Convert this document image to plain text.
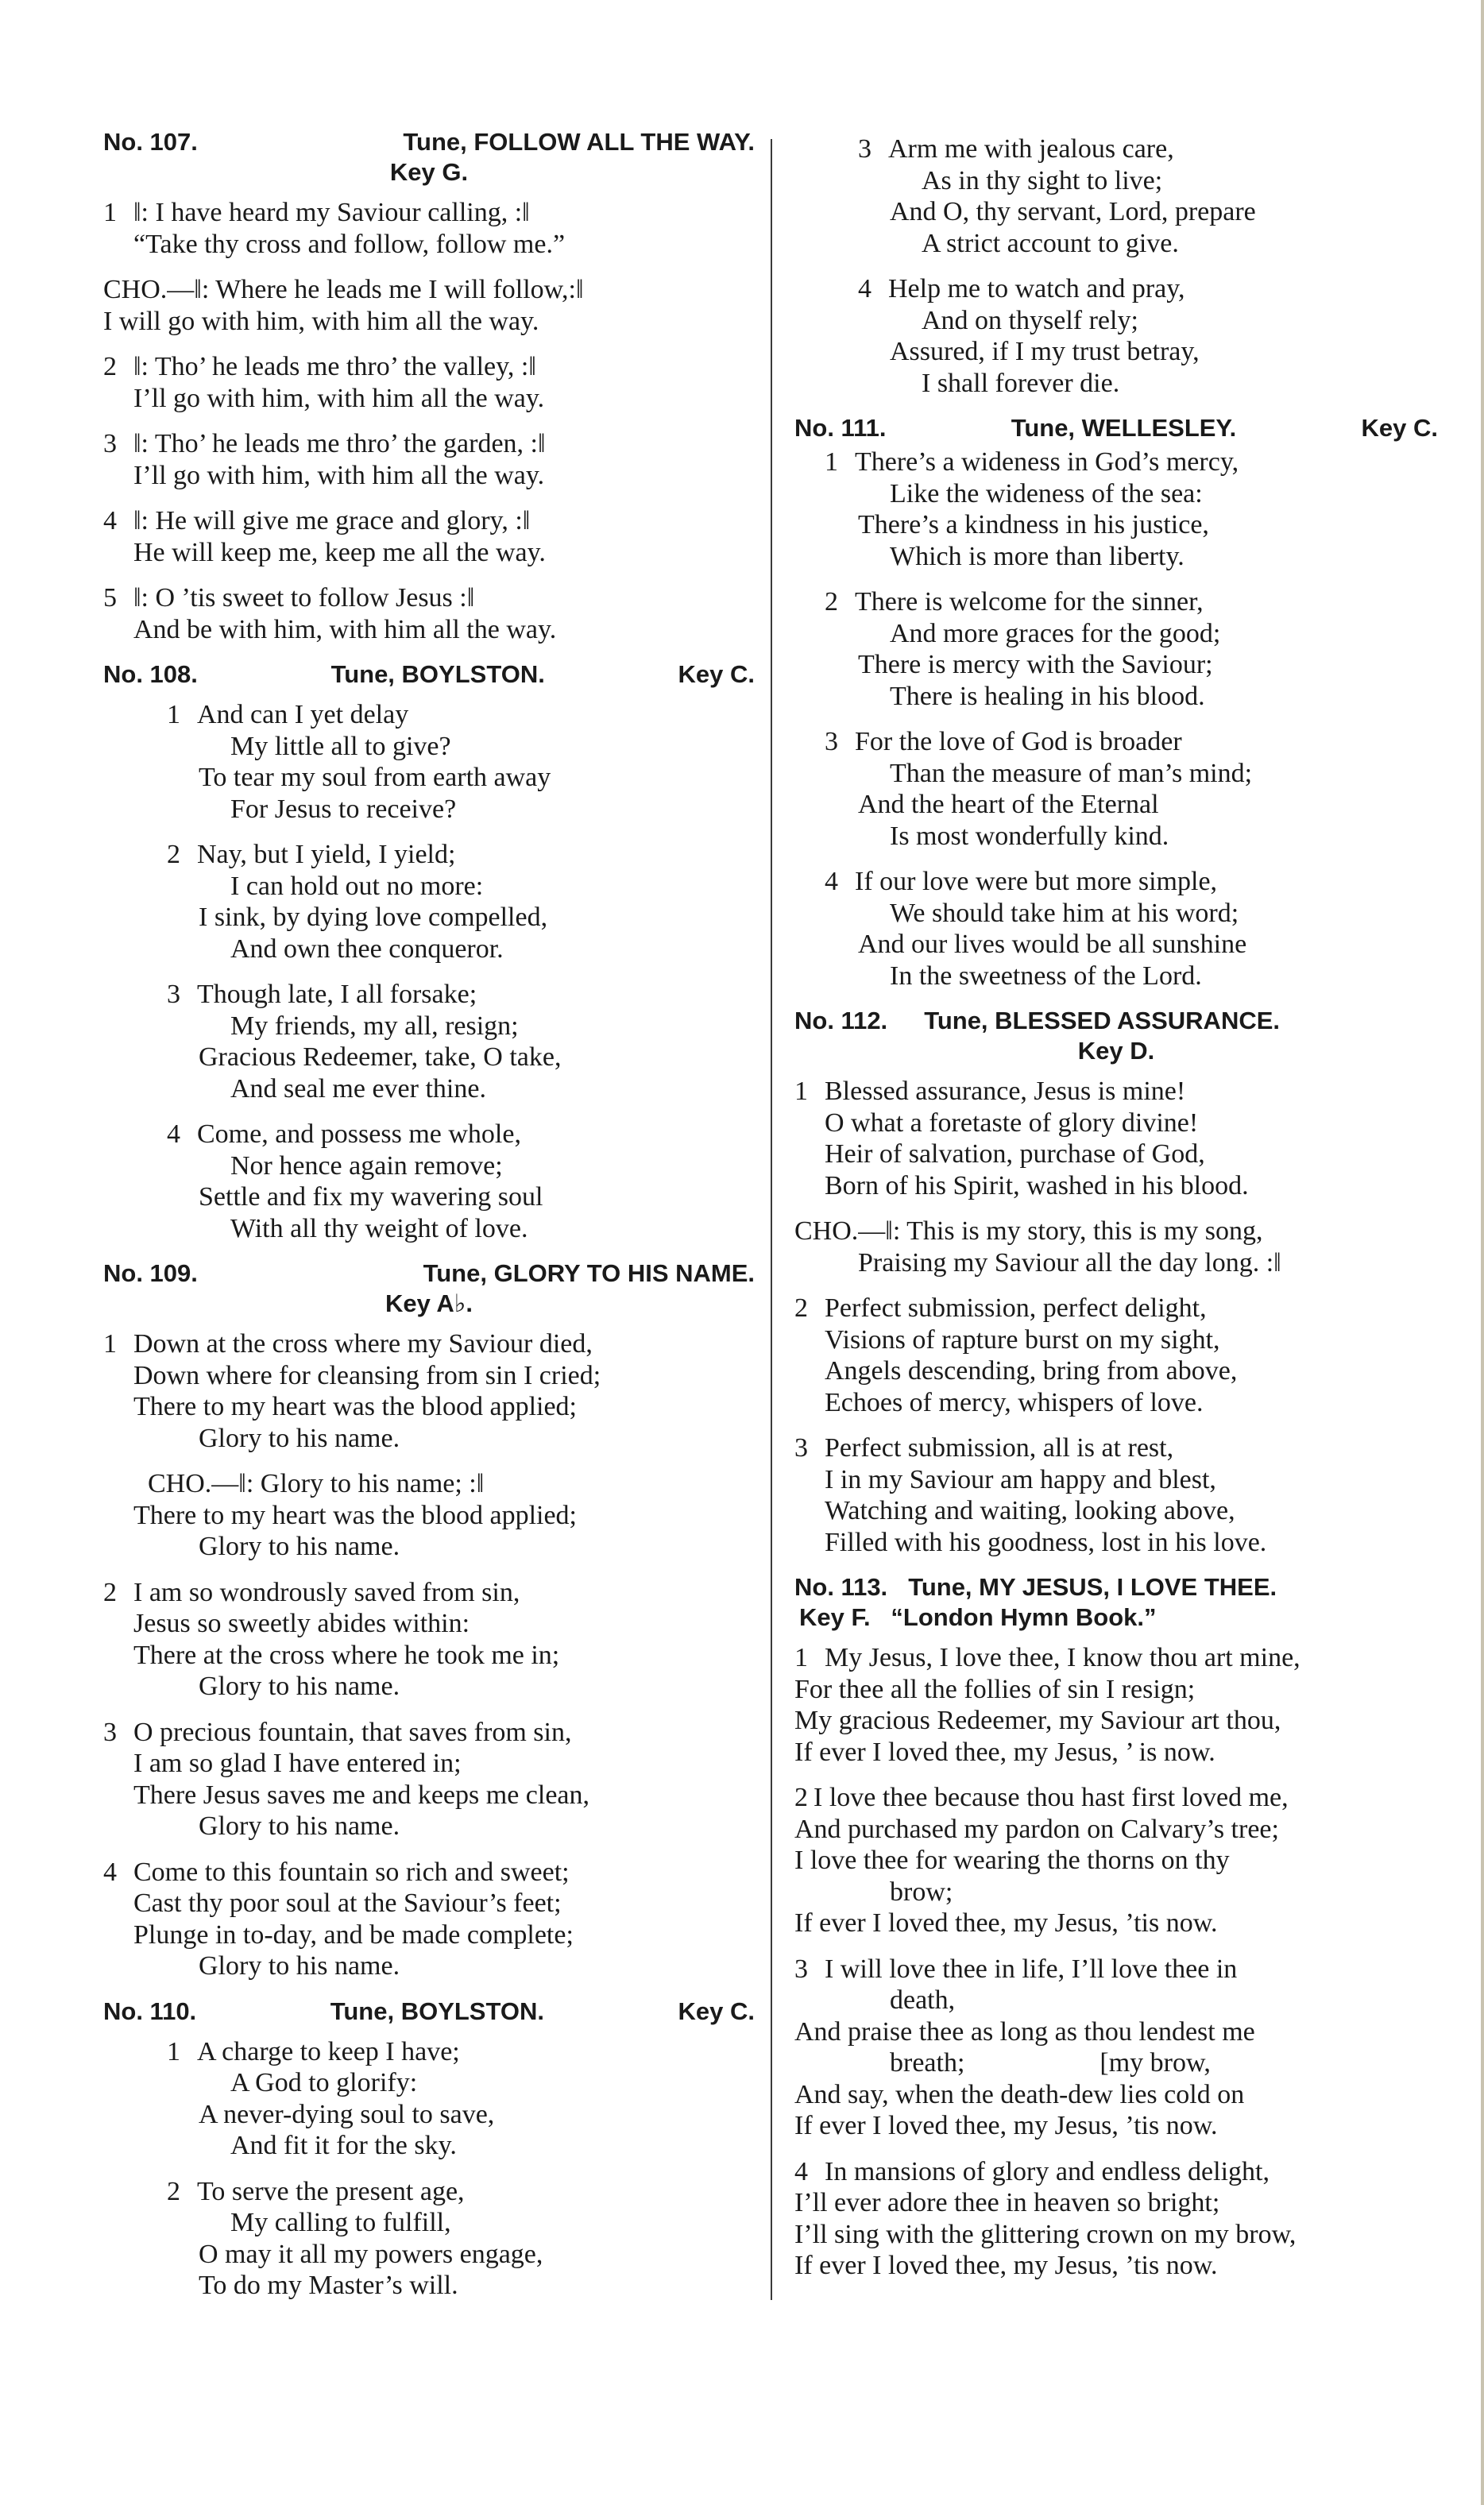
No. 107.	Tune, FOLLOW ALL THE WAY.
Key G.
1 ‖: I have heard my Saviour calling, :‖
“Take thy cross and follow, follow me.”
CHO.—‖: Where he leads me I will follow,:‖
I will go with him, with him all the way.
2 ‖: Tho’ he leads me thro’ the valley, :‖
I’ll go with him, with him all the way.
3 ‖: Tho’ he leads me thro’ the garden, :‖
I’ll go with him, with him all the way.
4 ‖: He will give me grace and glory, :‖
He will keep me, keep me all the way.
5 ‖: O ’tis sweet to follow Jesus :‖
And be with him, with him all the way.
No. 108.	Tune, BOYLSTON.	Key C.
1 And can I yet delay
My little all to give?
To tear my soul from earth away
For Jesus to receive?
2 Nay, but I yield, I yield;
I can hold out no more:
I sink, by dying love compelled,
And own thee conqueror.
3 Though late, I all forsake;
My friends, my all, resign;
Gracious Redeemer, take, O take,
And seal me ever thine.
4 Come, and possess me whole,
Nor hence again remove;
Settle and fix my wavering soul
With all thy weight of love.
No. 109.	Tune, GLORY TO HIS NAME.
Key A♭.
1 Down at the cross where my Saviour died,
Down where for cleansing from sin I cried;
There to my heart was the blood applied;
Glory to his name.
CHO.—‖: Glory to his name; :‖
There to my heart was the blood applied;
Glory to his name.
2 I am so wondrously saved from sin,
Jesus so sweetly abides within:
There at the cross where he took me in;
Glory to his name.
3 O precious fountain, that saves from sin,
I am so glad I have entered in;
There Jesus saves me and keeps me clean,
Glory to his name.
4 Come to this fountain so rich and sweet;
Cast thy poor soul at the Saviour’s feet;
Plunge in to-day, and be made complete;
Glory to his name.
No. 110.	Tune, BOYLSTON.	Key C.
1 A charge to keep I have;
A God to glorify:
A never-dying soul to save,
And fit it for the sky.
2 To serve the present age,
My calling to fulfill,
O may it all my powers engage,
To do my Master’s will.
3 Arm me with jealous care,
As in thy sight to live;
And O, thy servant, Lord, prepare
A strict account to give.
4 Help me to watch and pray,
And on thyself rely;
Assured, if I my trust betray,
I shall forever die.
No. 111.	Tune, WELLESLEY.	Key C.
1 There’s a wideness in God’s mercy,
Like the wideness of the sea:
There’s a kindness in his justice,
Which is more than liberty.
2 There is welcome for the sinner,
And more graces for the good;
There is mercy with the Saviour;
There is healing in his blood.
3 For the love of God is broader
Than the measure of man’s mind;
And the heart of the Eternal
Is most wonderfully kind.
4 If our love were but more simple,
We should take him at his word;
And our lives would be all sunshine
In the sweetness of the Lord.
No. 112. Tune, BLESSED ASSURANCE.
Key D.
1 Blessed assurance, Jesus is mine!
O what a foretaste of glory divine!
Heir of salvation, purchase of God,
Born of his Spirit, washed in his blood.
CHO.—‖: This is my story, this is my song,
Praising my Saviour all the day long. :‖
2 Perfect submission, perfect delight,
Visions of rapture burst on my sight,
Angels descending, bring from above,
Echoes of mercy, whispers of love.
3 Perfect submission, all is at rest,
I in my Saviour am happy and blest,
Watching and waiting, looking above,
Filled with his goodness, lost in his love.
No. 113. Tune, MY JESUS, I LOVE THEE.
Key F.   “London Hymn Book.”
1 My Jesus, I love thee, I know thou art mine,
For thee all the follies of sin I resign;
My gracious Redeemer, my Saviour art thou,
If ever I loved thee, my Jesus, ’ is now.
2 I love thee because thou hast first loved me,
And purchased my pardon on Calvary’s tree;
I love thee for wearing the thorns on thy
brow;
If ever I loved thee, my Jesus, ’tis now.
3 I will love thee in life, I’ll love thee in
death,
And praise thee as long as thou lendest me
breath;                    [my brow,
And say, when the death-dew lies cold on
If ever I loved thee, my Jesus, ’tis now.
4 In mansions of glory and endless delight,
I’ll ever adore thee in heaven so bright;
I’ll sing with the glittering crown on my brow,
If ever I loved thee, my Jesus, ’tis now.
